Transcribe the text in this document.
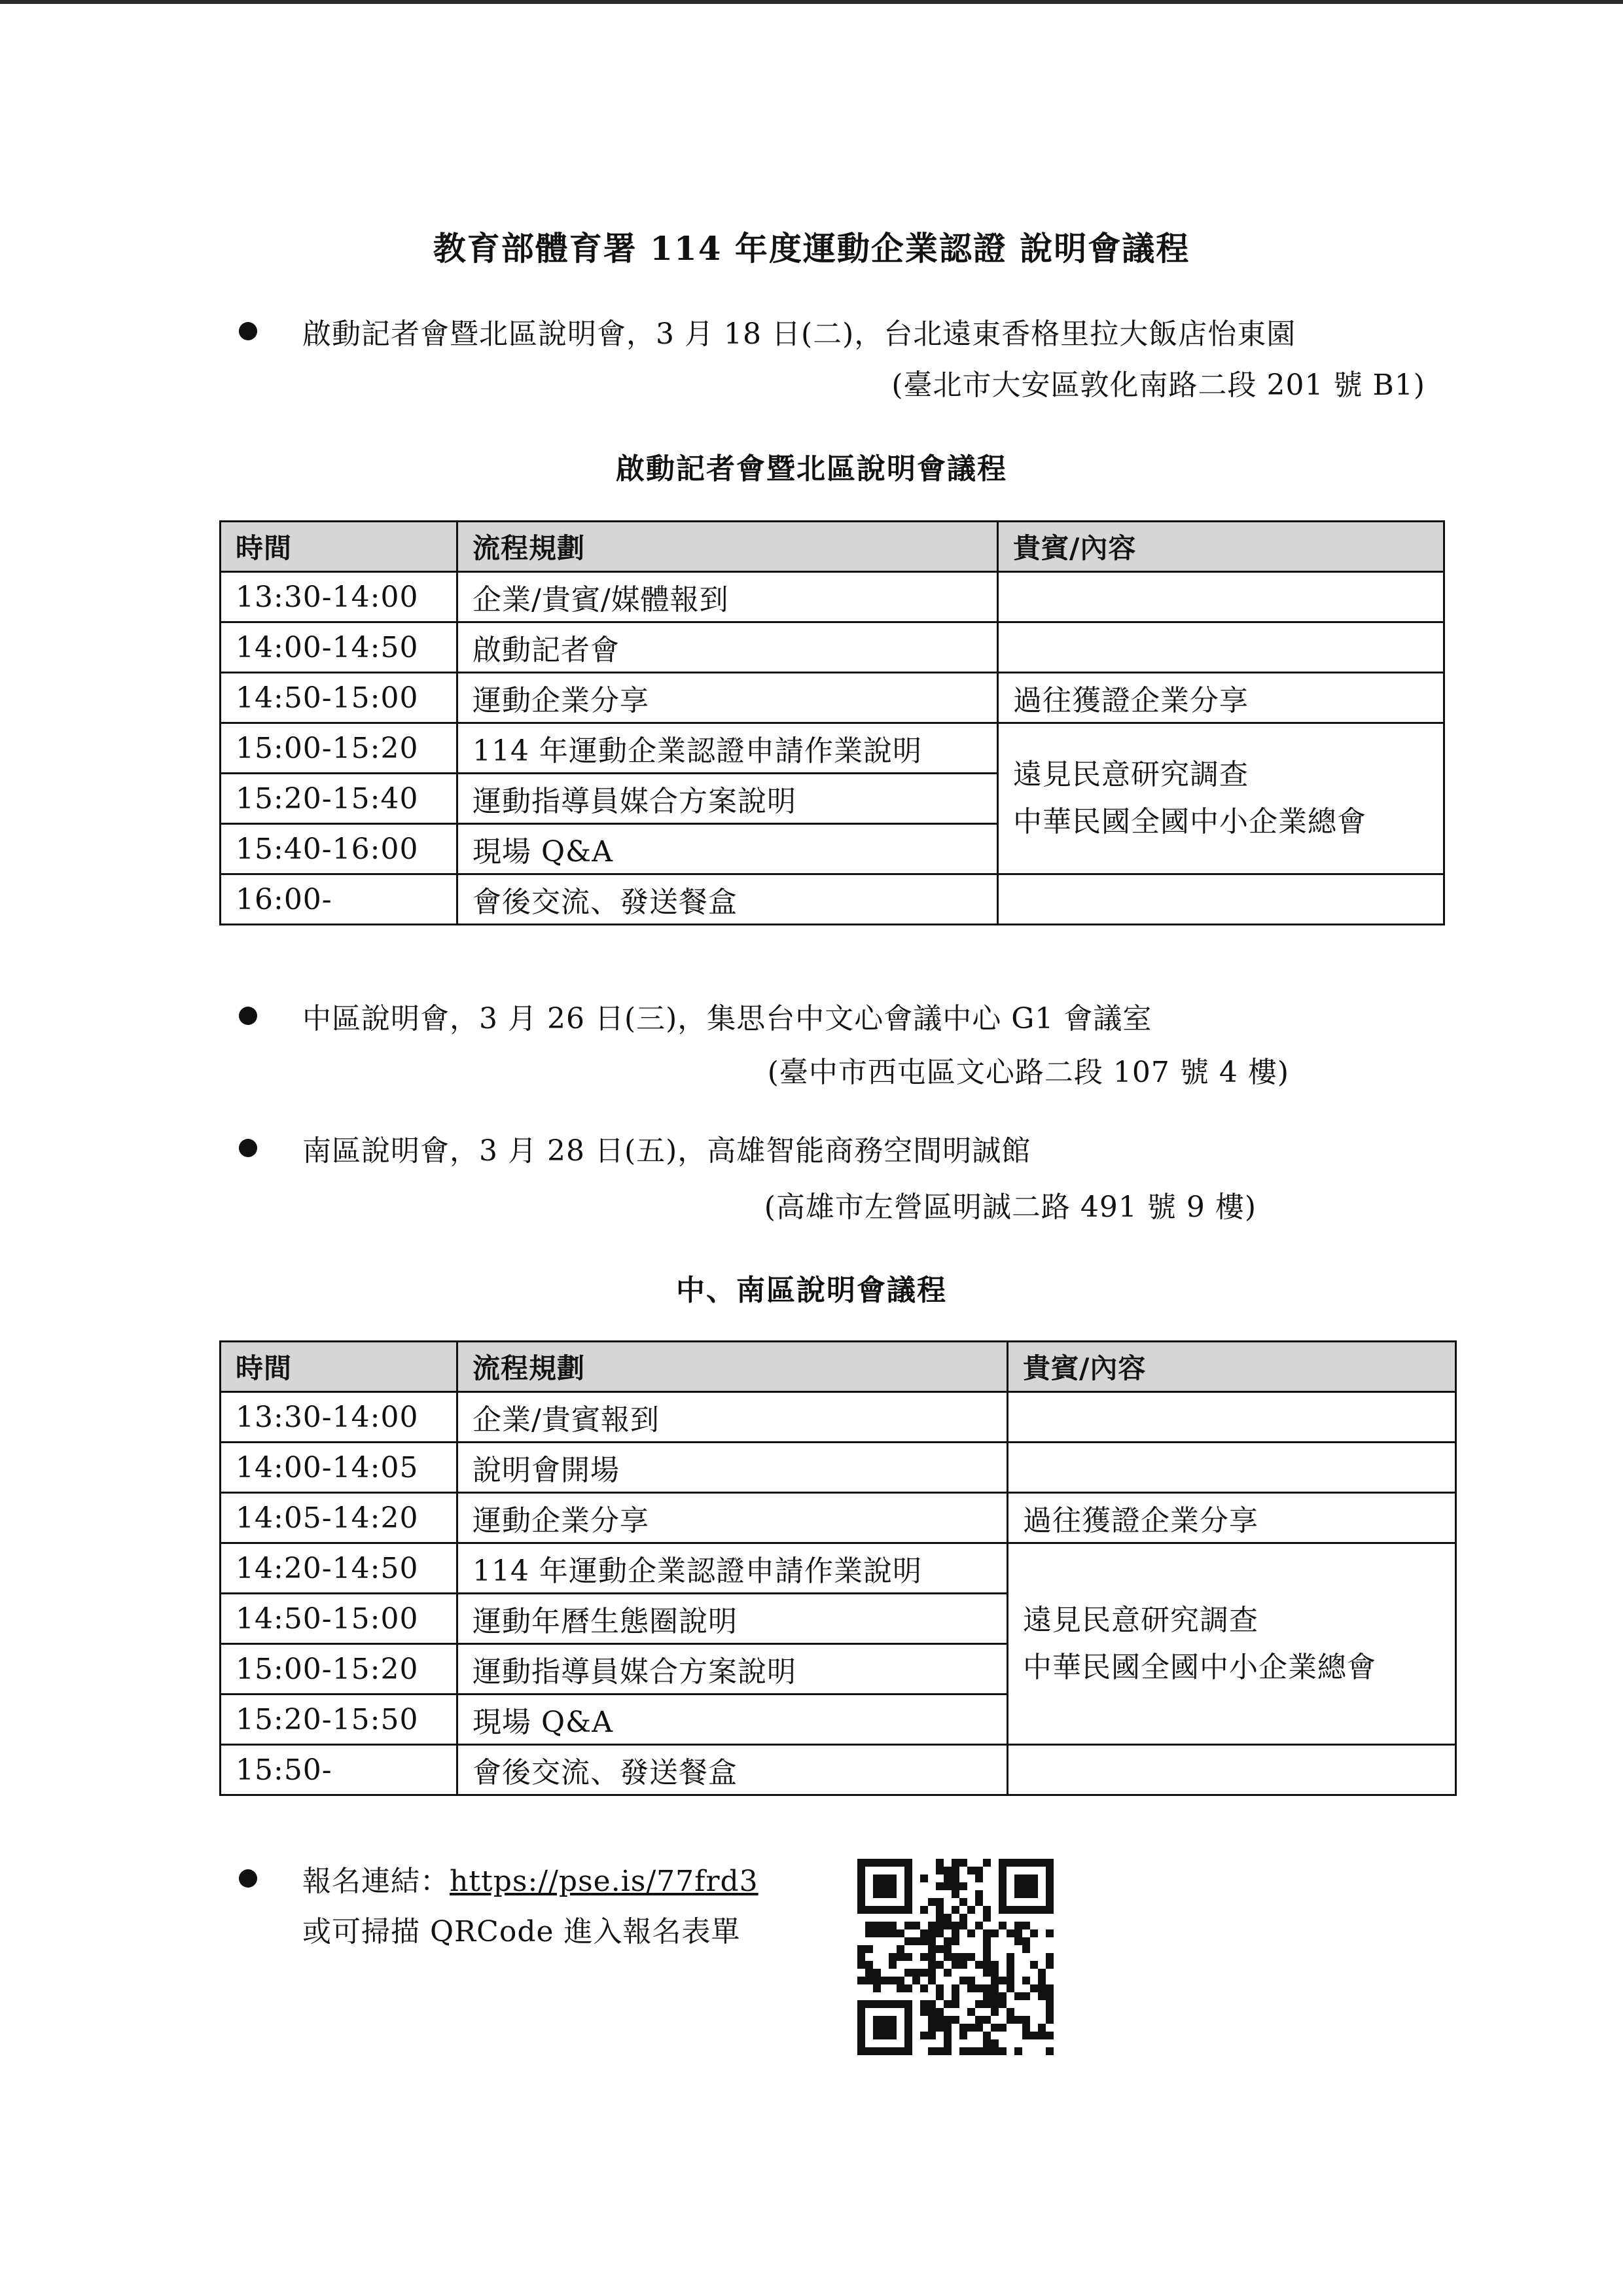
教育部體育署 114 年度運動企業認證 說明會議程
啟動記者會暨北區說明會，3 月 18 日(二)，台北遠東香格里拉大飯店怡東園
(臺北市大安區敦化南路二段 201 號 B1)
啟動記者會暨北區說明會議程
時間	流程規劃	貴賓/內容
13:30-14:00	企業/貴賓/媒體報到	
14:00-14:50	啟動記者會	
14:50-15:00	運動企業分享	過往獲證企業分享
15:00-15:20	114 年運動企業認證申請作業說明	遠見民意研究調查
中華民國全國中小企業總會
15:20-15:40	運動指導員媒合方案說明	
15:40-16:00	現場 Q&A	
16:00-	會後交流、發送餐盒	
中區說明會，3 月 26 日(三)，集思台中文心會議中心 G1 會議室
(臺中市西屯區文心路二段 107 號 4 樓)
南區說明會，3 月 28 日(五)，高雄智能商務空間明誠館
(高雄市左營區明誠二路 491 號 9 樓)
中、南區說明會議程
時間	流程規劃	貴賓/內容
13:30-14:00	企業/貴賓報到	
14:00-14:05	說明會開場	
14:05-14:20	運動企業分享	過往獲證企業分享
14:20-14:50	114 年運動企業認證申請作業說明	遠見民意研究調查
中華民國全國中小企業總會
14:50-15:00	運動年曆生態圈說明	
15:00-15:20	運動指導員媒合方案說明	
15:20-15:50	現場 Q&A	
15:50-	會後交流、發送餐盒	
報名連結：https://pse.is/77frd3
或可掃描 QRCode 進入報名表單
